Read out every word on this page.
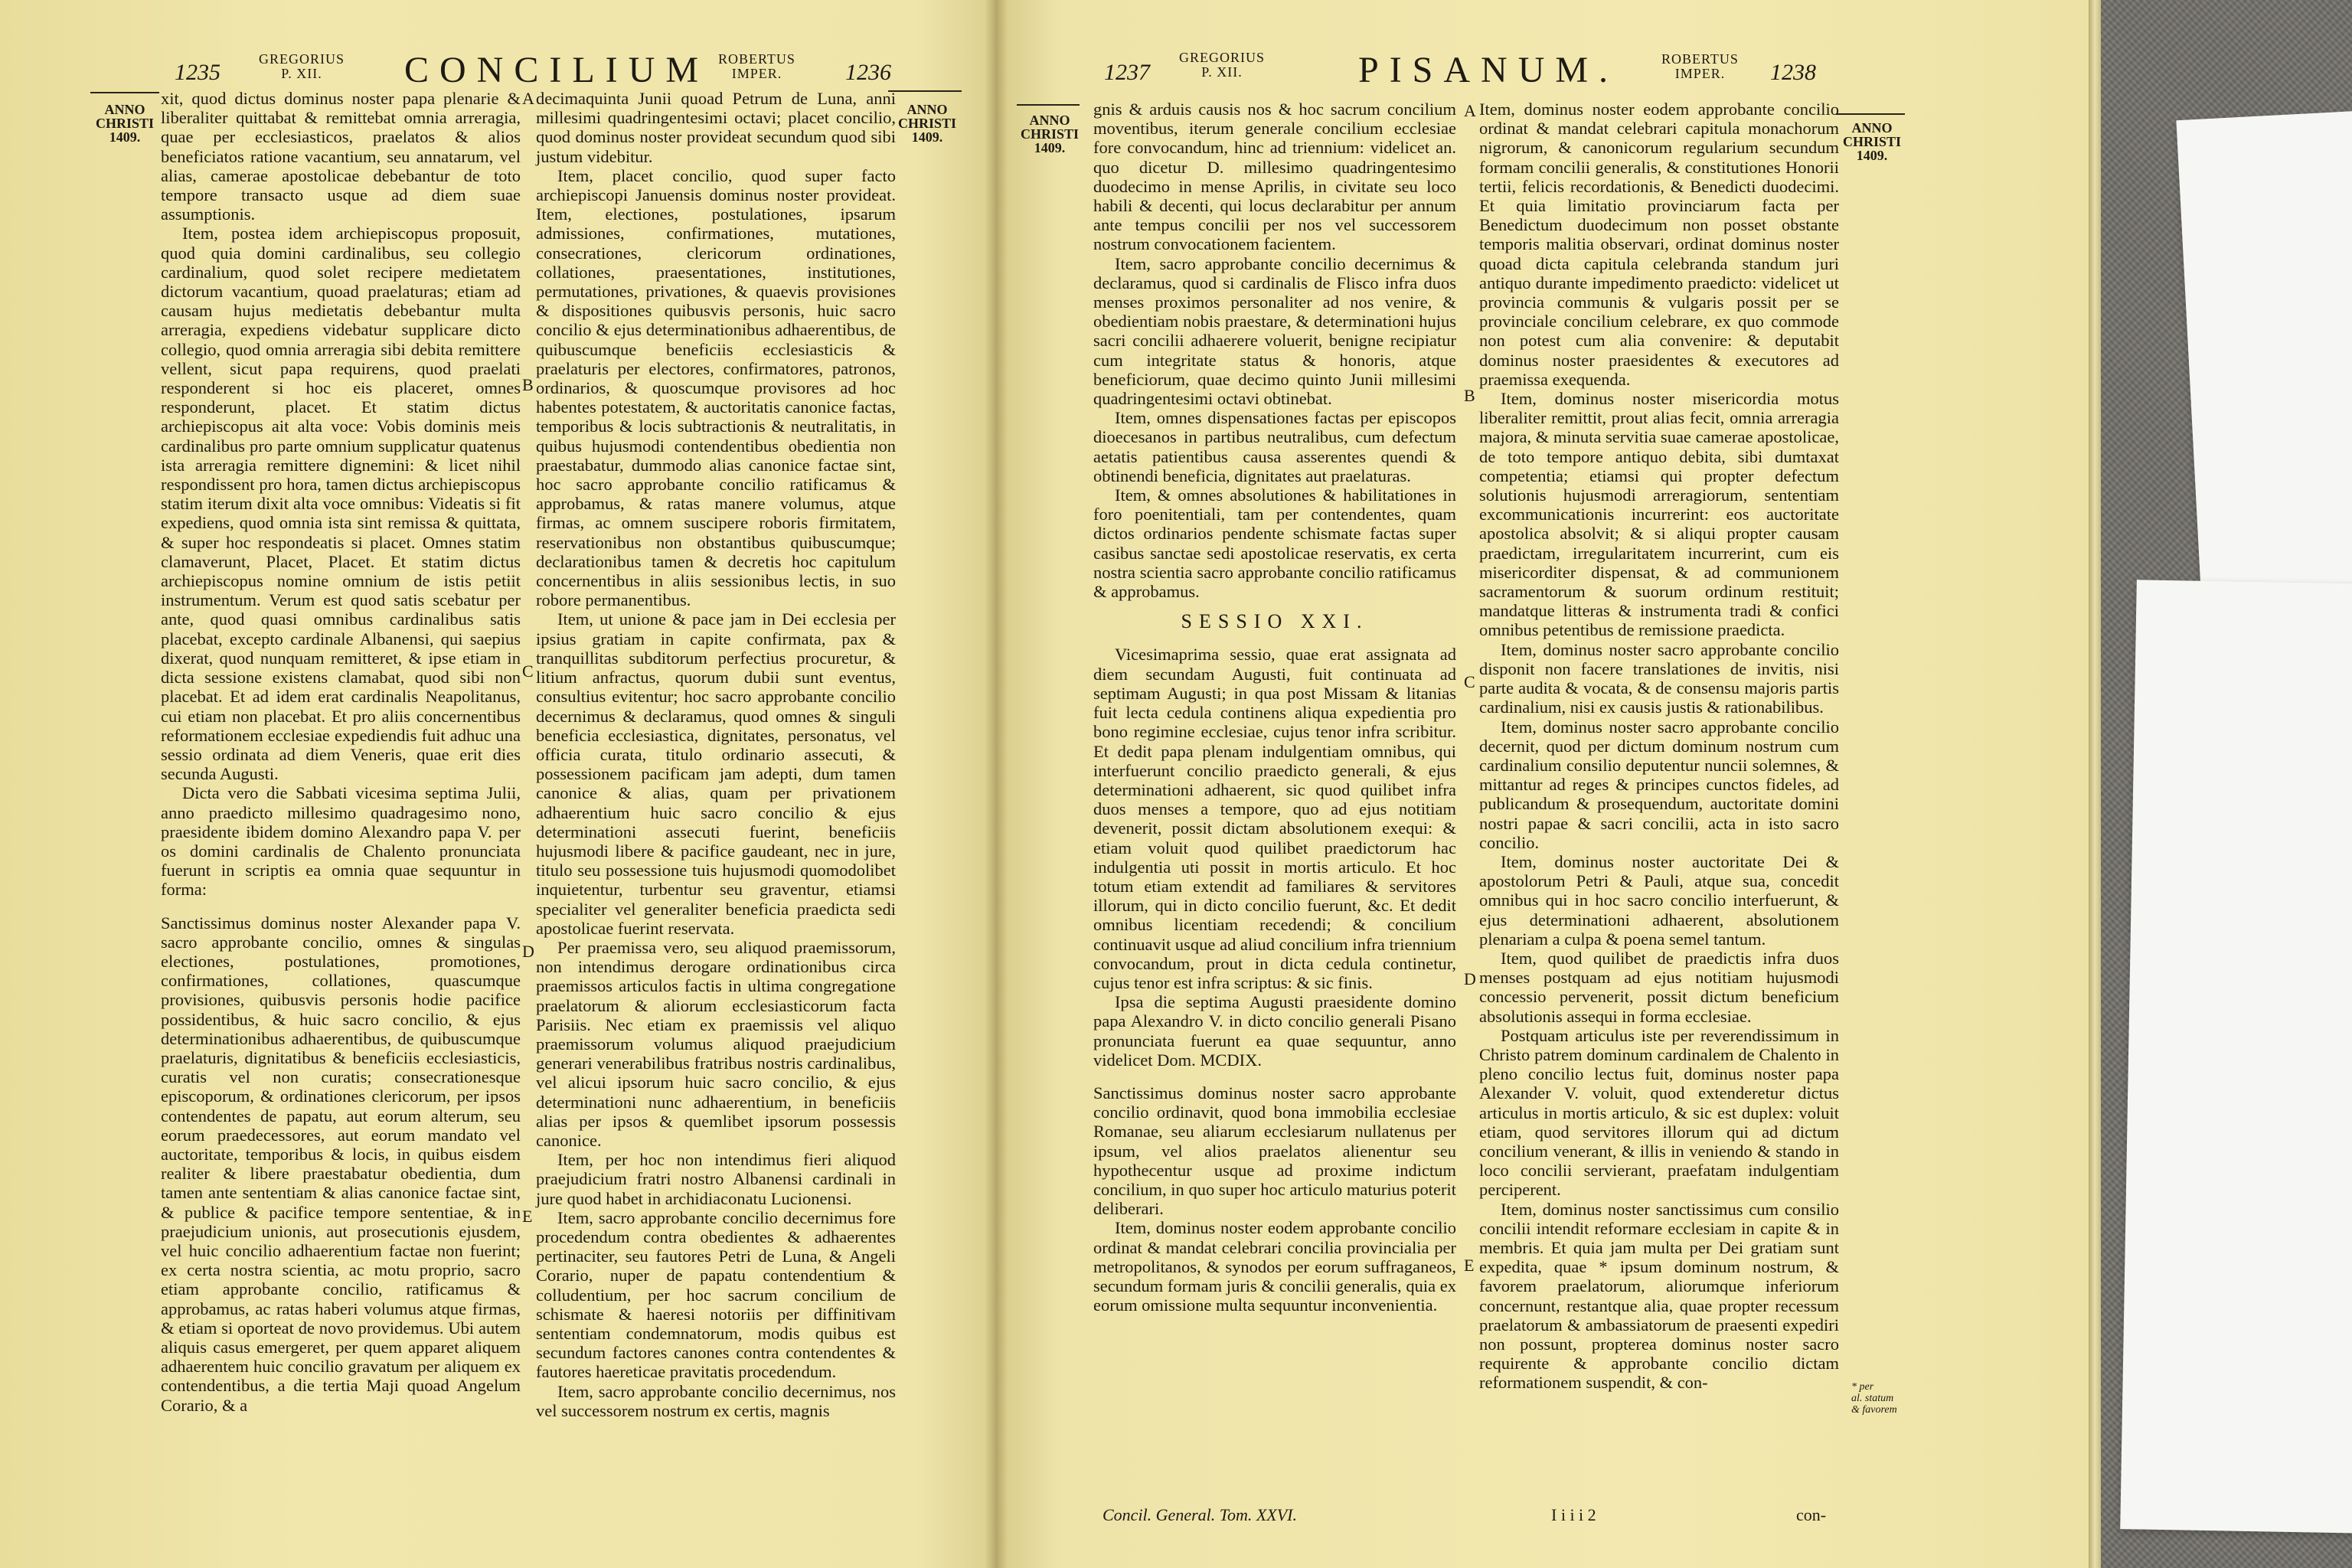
1235
GREGORIUS
P. XII.	CONCILIUM ROBERTUS
IMPER.	1236
ANNO
CHRISTI
1409.
ANNO
CHRISTI
1409.

xit, quod dictus dominus noster papa plenarie & liberaliter quittabat & remittebat omnia arreragia, quae per ecclesiasticos, praelatos & alios beneficiatos ratione vacantium, seu annatarum, vel alias, camerae apostolicae debebantur de toto tempore transacto usque ad diem suae assumptionis.

Item, postea idem archiepiscopus proposuit, quod quia domini cardinalibus, seu collegio cardinalium, quod solet recipere medietatem dictorum vacantium, quoad praelaturas; etiam ad causam hujus medietatis debebantur multa arreragia, expediens videbatur supplicare dicto collegio, quod omnia arreragia sibi debita remittere vellent, sicut papa requirens, quod praelati responderent si hoc eis placeret, omnes responderunt, placet. Et statim dictus archiepiscopus ait alta voce: Vobis dominis meis cardinalibus pro parte omnium supplicatur quatenus ista arreragia remittere dignemini: & licet nihil respondissent pro hora, tamen dictus archiepiscopus statim iterum dixit alta voce omnibus: Videatis si fit expediens, quod omnia ista sint remissa & quittata, & super hoc respondeatis si placet. Omnes statim clamaverunt, Placet, Placet. Et statim dictus archiepiscopus nomine omnium de istis petiit instrumentum. Verum est quod satis scebatur per ante, quod quasi omnibus cardinalibus satis placebat, excepto cardinale Albanensi, qui saepius dixerat, quod nunquam remitteret, & ipse etiam in dicta sessione existens clamabat, quod sibi non placebat. Et ad idem erat cardinalis Neapolitanus, cui etiam non placebat. Et pro aliis concernentibus reformationem ecclesiae expediendis fuit adhuc una sessio ordinata ad diem Veneris, quae erit dies secunda Augusti.

Dicta vero die Sabbati vicesima septima Julii, anno praedicto millesimo quadragesimo nono, praesidente ibidem domino Alexandro papa V. per os domini cardinalis de Chalento pronunciata fuerunt in scriptis ea omnia quae sequuntur in forma:

Sanctissimus dominus noster Alexander papa V. sacro approbante concilio, omnes & singulas electiones, postulationes, promotiones, confirmationes, collationes, quascumque provisiones, quibusvis personis hodie pacifice possidentibus, & huic sacro concilio, & ejus determinationibus adhaerentibus, de quibuscumque praelaturis, dignitatibus & beneficiis ecclesiasticis, curatis vel non curatis; consecrationesque episcoporum, & ordinationes clericorum, per ipsos contendentes de papatu, aut eorum alterum, seu eorum praedecessores, aut eorum mandato vel auctoritate, temporibus & locis, in quibus eisdem realiter & libere praestabatur obedientia, dum tamen ante sententiam & alias canonice factae sint, & publice & pacifice tempore sententiae, & in praejudicium unionis, aut prosecutionis ejusdem, vel huic concilio adhaerentium factae non fuerint; ex certa nostra scientia, ac motu proprio, sacro etiam approbante concilio, ratificamus & approbamus, ac ratas haberi volumus atque firmas, & etiam si oporteat de novo providemus. Ubi autem aliquis casus emergeret, per quem apparet aliquem adhaerentem huic concilio gravatum per aliquem ex contendentibus, a die tertia Maji quoad Angelum Corario, & a

decimaquinta Junii quoad Petrum de Luna, anni millesimi quadringentesimi octavi; placet concilio, quod dominus noster provideat secundum quod sibi justum videbitur.

Item, placet concilio, quod super facto archiepiscopi Januensis dominus noster provideat. Item, electiones, postulationes, ipsarum admissiones, confirmationes, mutationes, consecrationes, clericorum ordinationes, collationes, praesentationes, institutiones, permutationes, privationes, & quaevis provisiones & dispositiones quibusvis personis, huic sacro concilio & ejus determinationibus adhaerentibus, de quibuscumque beneficiis ecclesiasticis & praelaturis per electores, confirmatores, patronos, ordinarios, & quoscumque provisores ad hoc habentes potestatem, & auctoritatis canonice factas, temporibus & locis subtractionis & neutralitatis, in quibus hujusmodi contendentibus obedientia non praestabatur, dummodo alias canonice factae sint, hoc sacro approbante concilio ratificamus & approbamus, & ratas manere volumus, atque firmas, ac omnem suscipere roboris firmitatem, reservationibus non obstantibus quibuscumque; declarationibus tamen & decretis hoc capitulum concernentibus in aliis sessionibus lectis, in suo robore permanentibus.

Item, ut unione & pace jam in Dei ecclesia per ipsius gratiam in capite confirmata, pax & tranquillitas subditorum perfectius procuretur, & litium anfractus, quorum dubii sunt eventus, consultius evitentur; hoc sacro approbante concilio decernimus & declaramus, quod omnes & singuli beneficia ecclesiastica, dignitates, personatus, vel officia curata, titulo ordinario assecuti, & possessionem pacificam jam adepti, dum tamen canonice & alias, quam per privationem adhaerentium huic sacro concilio & ejus determinationi assecuti fuerint, beneficiis hujusmodi libere & pacifice gaudeant, nec in jure, titulo seu possessione tuis hujusmodi quomodolibet inquietentur, turbentur seu graventur, etiamsi specialiter vel generaliter beneficia praedicta sedi apostolicae fuerint reservata.

Per praemissa vero, seu aliquod praemissorum, non intendimus derogare ordinationibus circa praemissos articulos factis in ultima congregatione praelatorum & aliorum ecclesiasticorum facta Parisiis. Nec etiam ex praemissis vel aliquo praemissorum volumus aliquod praejudicium generari venerabilibus fratribus nostris cardinalibus, vel alicui ipsorum huic sacro concilio, & ejus determinationi nunc adhaerentium, in beneficiis alias per ipsos & quemlibet ipsorum possessis canonice.

Item, per hoc non intendimus fieri aliquod praejudicium fratri nostro Albanensi cardinali in jure quod habet in archidiaconatu Lucionensi.

Item, sacro approbante concilio decernimus fore procedendum contra obedientes & adhaerentes pertinaciter, seu fautores Petri de Luna, & Angeli Corario, nuper de papatu contendentium & colludentium, per hoc sacrum concilium de schismate & haeresi notoriis per diffinitivam sententiam condemnatorum, modis quibus est secundum factores canones contra contendentes & fautores haereticae pravitatis procedendum.

Item, sacro approbante concilio decernimus, nos vel successorem nostrum ex certis, magnis

A
B
C
D
E
1237
GREGORIUS
P. XII.	PISANUM.	ROBERTUS
IMPER.	1238
ANNO
CHRISTI
1409.
ANNO
CHRISTI
1409.

gnis & arduis causis nos & hoc sacrum concilium moventibus, iterum generale concilium ecclesiae fore convocandum, hinc ad triennium: videlicet an. quo dicetur D. millesimo quadringentesimo duodecimo in mense Aprilis, in civitate seu loco habili & decenti, qui locus declarabitur per annum ante tempus concilii per nos vel successorem nostrum convocationem facientem.

Item, sacro approbante concilio decernimus & declaramus, quod si cardinalis de Flisco infra duos menses proximos personaliter ad nos venire, & obedientiam nobis praestare, & determinationi hujus sacri concilii adhaerere voluerit, benigne recipiatur cum integritate status & honoris, atque beneficiorum, quae decimo quinto Junii millesimi quadringentesimi octavi obtinebat.

Item, omnes dispensationes factas per episcopos dioecesanos in partibus neutralibus, cum defectum aetatis patientibus causa asserentes quendi & obtinendi beneficia, dignitates aut praelaturas.

Item, & omnes absolutiones & habilitationes in foro poenitentiali, tam per contendentes, quam dictos ordinarios pendente schismate factas super casibus sanctae sedi apostolicae reservatis, ex certa nostra scientia sacro approbante concilio ratificamus & approbamus.

SESSIO XXI.

Vicesimaprima sessio, quae erat assignata ad diem secundam Augusti, fuit continuata ad septimam Augusti; in qua post Missam & litanias fuit lecta cedula continens aliqua expedientia pro bono regimine ecclesiae, cujus tenor infra scribitur. Et dedit papa plenam indulgentiam omnibus, qui interfuerunt concilio praedicto generali, & ejus determinationi adhaerent, sic quod quilibet infra duos menses a tempore, quo ad ejus notitiam devenerit, possit dictam absolutionem exequi: & etiam voluit quod quilibet praedictorum hac indulgentia uti possit in mortis articulo. Et hoc totum etiam extendit ad familiares & servitores illorum, qui in dicto concilio fuerunt, &c. Et dedit omnibus licentiam recedendi; & concilium continuavit usque ad aliud concilium infra triennium convocandum, prout in dicta cedula continetur, cujus tenor est infra scriptus: & sic finis.

Ipsa die septima Augusti praesidente domino papa Alexandro V. in dicto concilio generali Pisano pronunciata fuerunt ea quae sequuntur, anno videlicet Dom. MCDIX.

Sanctissimus dominus noster sacro approbante concilio ordinavit, quod bona immobilia ecclesiae Romanae, seu aliarum ecclesiarum nullatenus per ipsum, vel alios praelatos alienentur seu hypothecentur usque ad proxime indictum concilium, in quo super hoc articulo maturius poterit deliberari.

Item, dominus noster eodem approbante concilio ordinat & mandat celebrari concilia provincialia per metropolitanos, & synodos per eorum suffraganeos, secundum formam juris & concilii generalis, quia ex eorum omissione multa sequuntur inconvenientia.

Item, dominus noster eodem approbante concilio ordinat & mandat celebrari capitula monachorum nigrorum, & canonicorum regularium secundum formam concilii generalis, & constitutiones Honorii tertii, felicis recordationis, & Benedicti duodecimi. Et quia limitatio provinciarum facta per Benedictum duodecimum non posset obstante temporis malitia observari, ordinat dominus noster quoad dicta capitula celebranda standum juri antiquo durante impedimento praedicto: videlicet ut provincia communis & vulgaris possit per se provinciale concilium celebrare, ex quo commode non potest cum alia convenire: & deputabit dominus noster praesidentes & executores ad praemissa exequenda.

Item, dominus noster misericordia motus liberaliter remittit, prout alias fecit, omnia arreragia majora, & minuta servitia suae camerae apostolicae, de toto tempore antiquo debita, sibi dumtaxat competentia; etiamsi qui propter defectum solutionis hujusmodi arreragiorum, sententiam excommunicationis incurrerint: eos auctoritate apostolica absolvit; & si aliqui propter causam praedictam, irregularitatem incurrerint, cum eis misericorditer dispensat, & ad communionem sacramentorum & suorum ordinum restituit; mandatque litteras & instrumenta tradi & confici omnibus petentibus de remissione praedicta.

Item, dominus noster sacro approbante concilio disponit non facere translationes de invitis, nisi parte audita & vocata, & de consensu majoris partis cardinalium, nisi ex causis justis & rationabilibus.

Item, dominus noster sacro approbante concilio decernit, quod per dictum dominum nostrum cum cardinalium consilio deputentur nuncii solemnes, & mittantur ad reges & principes cunctos fideles, ad publicandum & prosequendum, auctoritate domini nostri papae & sacri concilii, acta in isto sacro concilio.

Item, dominus noster auctoritate Dei & apostolorum Petri & Pauli, atque sua, concedit omnibus qui in hoc sacro concilio interfuerunt, & ejus determinationi adhaerent, absolutionem plenariam a culpa & poena semel tantum.

Item, quod quilibet de praedictis infra duos menses postquam ad ejus notitiam hujusmodi concessio pervenerit, possit dictum beneficium absolutionis assequi in forma ecclesiae.

Postquam articulus iste per reverendissimum in Christo patrem dominum cardinalem de Chalento in pleno concilio lectus fuit, dominus noster papa Alexander V. voluit, quod extenderetur dictus articulus in mortis articulo, & sic est duplex: voluit etiam, quod servitores illorum qui ad dictum concilium venerant, & illis in veniendo & stando in loco concilii servierant, praefatam indulgentiam perciperent.

Item, dominus noster sanctissimus cum consilio concilii intendit reformare ecclesiam in capite & in membris. Et quia jam multa per Dei gratiam sunt expedita, quae * ipsum dominum nostrum, & favorem praelatorum, aliorumque inferiorum concernunt, restantque alia, quae propter recessum praelatorum & ambassiatorum de praesenti expediri non possunt, propterea dominus noster sacro requirente & approbante concilio dictam reformationem suspendit, & con-

A
B
C
D
E
* per
al. statum
& favorem
Concil. General. Tom. XXVI.	I i i i 2	con-
